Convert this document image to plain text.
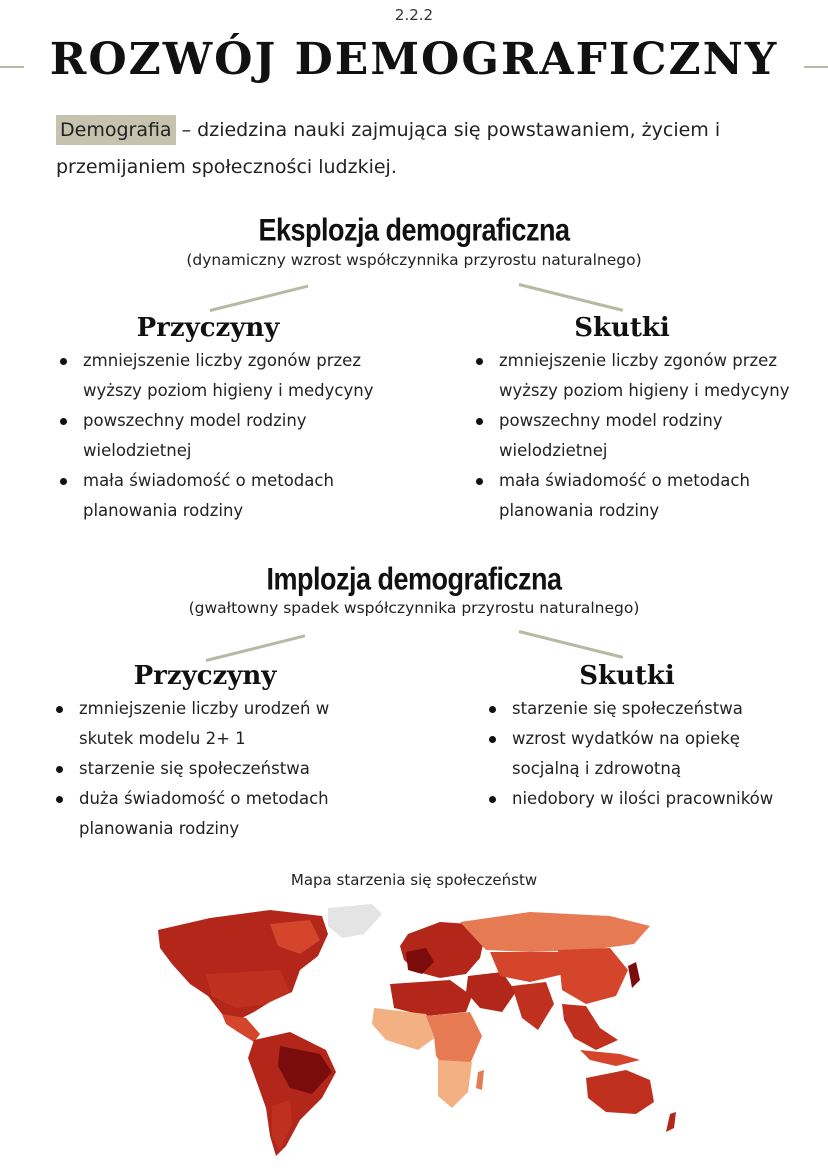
2.2.2
ROZWÓJ DEMOGRAFICZNY
Demografia – dziedzina nauki zajmująca się powstawaniem, życiem i przemijaniem społeczności ludzkiej.
Eksplozja demograficzna
(dynamiczny wzrost współczynnika przyrostu naturalnego)
Przyczyny
zmniejszenie liczby zgonów przez wyższy poziom higieny i medycyny
powszechny model rodziny wielodzietnej
mała świadomość o metodach planowania rodziny
Skutki
zmniejszenie liczby zgonów przez wyższy poziom higieny i medycyny
powszechny model rodziny wielodzietnej
mała świadomość o metodach planowania rodziny
Implozja demograficzna
(gwałtowny spadek współczynnika przyrostu naturalnego)
Przyczyny
zmniejszenie liczby urodzeń w skutek modelu 2+ 1
starzenie się społeczeństwa
duża świadomość o metodach planowania rodziny
Skutki
starzenie się społeczeństwa
wzrost wydatków na opiekę socjalną i zdrowotną
niedobory w ilości pracowników
Mapa starzenia się społeczeństw
